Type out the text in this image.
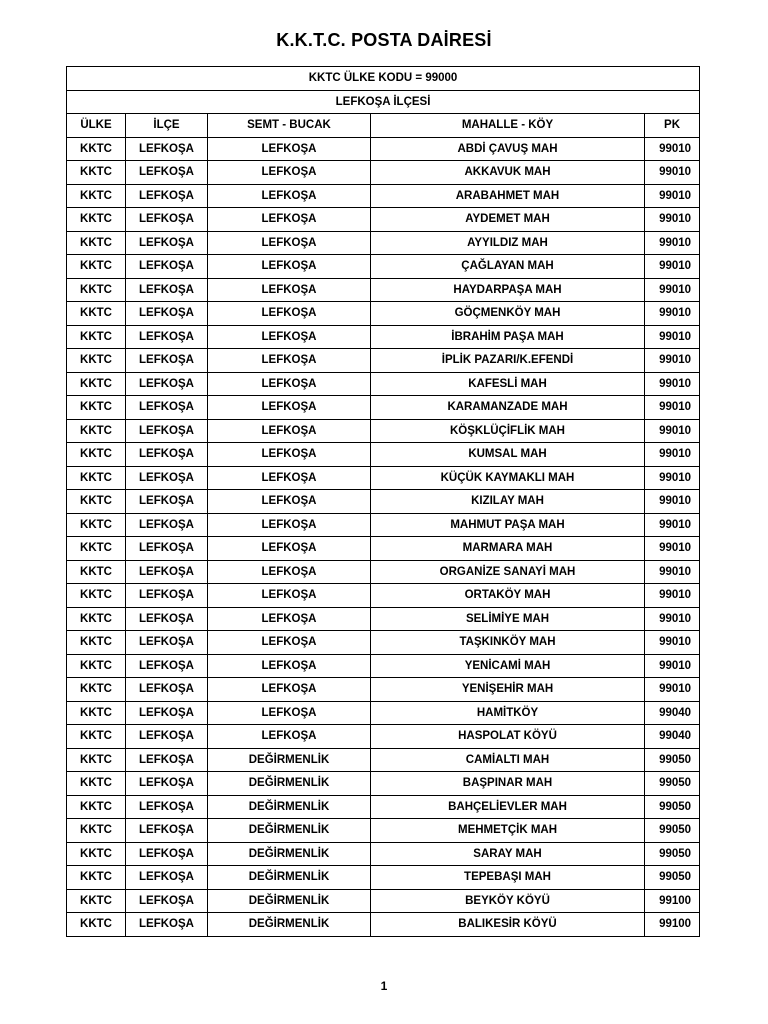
K.K.T.C. POSTA DAİRESİ
KKTC ÜLKE KODU = 99000				
LEFKOŞA İLÇESİ				
ÜLKE	İLÇE	SEMT - BUCAK	MAHALLE - KÖY	PK
KKTC	LEFKOŞA	LEFKOŞA	ABDİ ÇAVUŞ MAH	99010
KKTC	LEFKOŞA	LEFKOŞA	AKKAVUK MAH	99010
KKTC	LEFKOŞA	LEFKOŞA	ARABAHMET MAH	99010
KKTC	LEFKOŞA	LEFKOŞA	AYDEMET MAH	99010
KKTC	LEFKOŞA	LEFKOŞA	AYYILDIZ MAH	99010
KKTC	LEFKOŞA	LEFKOŞA	ÇAĞLAYAN MAH	99010
KKTC	LEFKOŞA	LEFKOŞA	HAYDARPAŞA MAH	99010
KKTC	LEFKOŞA	LEFKOŞA	GÖÇMENKÖY MAH	99010
KKTC	LEFKOŞA	LEFKOŞA	İBRAHİM PAŞA MAH	99010
KKTC	LEFKOŞA	LEFKOŞA	İPLİK PAZARI/K.EFENDİ	99010
KKTC	LEFKOŞA	LEFKOŞA	KAFESLİ MAH	99010
KKTC	LEFKOŞA	LEFKOŞA	KARAMANZADE MAH	99010
KKTC	LEFKOŞA	LEFKOŞA	KÖŞKLÜÇİFLİK MAH	99010
KKTC	LEFKOŞA	LEFKOŞA	KUMSAL MAH	99010
KKTC	LEFKOŞA	LEFKOŞA	KÜÇÜK KAYMAKLI MAH	99010
KKTC	LEFKOŞA	LEFKOŞA	KIZILAY MAH	99010
KKTC	LEFKOŞA	LEFKOŞA	MAHMUT PAŞA MAH	99010
KKTC	LEFKOŞA	LEFKOŞA	MARMARA MAH	99010
KKTC	LEFKOŞA	LEFKOŞA	ORGANİZE SANAYİ MAH	99010
KKTC	LEFKOŞA	LEFKOŞA	ORTAKÖY MAH	99010
KKTC	LEFKOŞA	LEFKOŞA	SELİMİYE MAH	99010
KKTC	LEFKOŞA	LEFKOŞA	TAŞKINKÖY MAH	99010
KKTC	LEFKOŞA	LEFKOŞA	YENİCAMİ MAH	99010
KKTC	LEFKOŞA	LEFKOŞA	YENİŞEHİR MAH	99010
KKTC	LEFKOŞA	LEFKOŞA	HAMİTKÖY	99040
KKTC	LEFKOŞA	LEFKOŞA	HASPOLAT KÖYÜ	99040
KKTC	LEFKOŞA	DEĞİRMENLİK	CAMİALTI MAH	99050
KKTC	LEFKOŞA	DEĞİRMENLİK	BAŞPINAR MAH	99050
KKTC	LEFKOŞA	DEĞİRMENLİK	BAHÇELİEVLER MAH	99050
KKTC	LEFKOŞA	DEĞİRMENLİK	MEHMETÇİK MAH	99050
KKTC	LEFKOŞA	DEĞİRMENLİK	SARAY MAH	99050
KKTC	LEFKOŞA	DEĞİRMENLİK	TEPEBAŞI MAH	99050
KKTC	LEFKOŞA	DEĞİRMENLİK	BEYKÖY KÖYÜ	99100
KKTC	LEFKOŞA	DEĞİRMENLİK	BALIKESİR KÖYÜ	99100
1
